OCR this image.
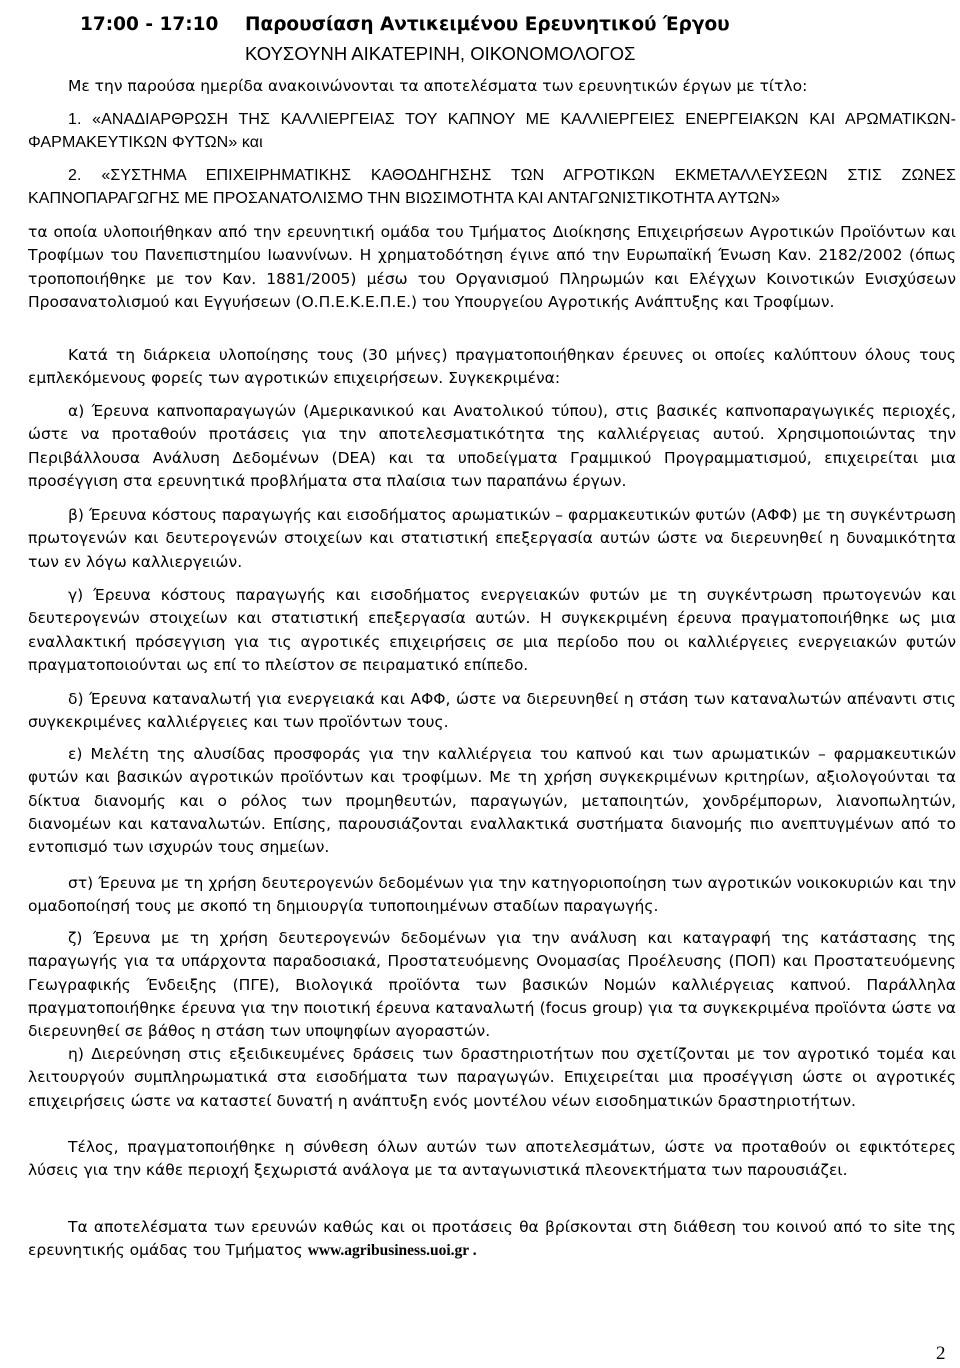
17:00 - 17:10 Παρουσίαση Αντικειμένου Ερευνητικού Έργου
ΚΟΥΣΟΥΝΗ ΑΙΚΑΤΕΡΙΝΗ, ΟΙΚΟΝΟΜΟΛΟΓΟΣ
Με την παρούσα ημερίδα ανακοινώνονται τα αποτελέσματα των ερευνητικών έργων με τίτλο:
1. «ΑΝΑΔΙΑΡΘΡΩΣΗ ΤΗΣ ΚΑΛΛΙΕΡΓΕΙΑΣ ΤΟΥ ΚΑΠΝΟΥ ΜΕ ΚΑΛΛΙΕΡΓΕΙΕΣ ΕΝΕΡΓΕΙΑΚΩΝ ΚΑΙ ΑΡΩΜΑΤΙΚΩΝ-ΦΑΡΜΑΚΕΥΤΙΚΩΝ ΦΥΤΩΝ» και
2. «ΣΥΣΤΗΜΑ ΕΠΙΧΕΙΡΗΜΑΤΙΚΗΣ ΚΑΘΟΔΗΓΗΣΗΣ ΤΩΝ ΑΓΡΟΤΙΚΩΝ ΕΚΜΕΤΑΛΛΕΥΣΕΩΝ ΣΤΙΣ ΖΩΝΕΣ ΚΑΠΝΟΠΑΡΑΓΩΓΗΣ ΜΕ ΠΡΟΣΑΝΑΤΟΛΙΣΜΟ ΤΗΝ ΒΙΩΣΙΜΟΤΗΤΑ ΚΑΙ ΑΝΤΑΓΩΝΙΣΤΙΚΟΤΗΤΑ ΑΥΤΩΝ»
τα οποία υλοποιήθηκαν από την ερευνητική ομάδα του Τμήματος Διοίκησης Επιχειρήσεων Αγροτικών Προϊόντων και Τροφίμων του Πανεπιστημίου Ιωαννίνων. Η χρηματοδότηση έγινε από την Ευρωπαϊκή Ένωση Καν. 2182/2002 (όπως τροποποιήθηκε με τον Καν. 1881/2005) μέσω του Οργανισμού Πληρωμών και Ελέγχων Κοινοτικών Ενισχύσεων Προσανατολισμού και Εγγυήσεων (Ο.Π.Ε.Κ.Ε.Π.Ε.) του Υπουργείου Αγροτικής Ανάπτυξης και Τροφίμων.
Κατά τη διάρκεια υλοποίησης τους (30 μήνες) πραγματοποιήθηκαν έρευνες οι οποίες καλύπτουν όλους τους εμπλεκόμενους φορείς των αγροτικών επιχειρήσεων. Συγκεκριμένα:
α) Έρευνα καπνοπαραγωγών (Αμερικανικού και Ανατολικού τύπου), στις βασικές καπνοπαραγωγικές περιοχές, ώστε να προταθούν προτάσεις για την αποτελεσματικότητα της καλλιέργειας αυτού. Χρησιμοποιώντας την Περιβάλλουσα Ανάλυση Δεδομένων (DEA) και τα υποδείγματα Γραμμικού Προγραμματισμού, επιχειρείται μια προσέγγιση στα ερευνητικά προβλήματα στα πλαίσια των παραπάνω έργων.
β) Έρευνα κόστους παραγωγής και εισοδήματος αρωματικών – φαρμακευτικών φυτών (ΑΦΦ) με τη συγκέντρωση πρωτογενών και δευτερογενών στοιχείων και στατιστική επεξεργασία αυτών ώστε να διερευνηθεί η δυναμικότητα των εν λόγω καλλιεργειών.
γ) Έρευνα κόστους παραγωγής και εισοδήματος ενεργειακών φυτών με τη συγκέντρωση πρωτογενών και δευτερογενών στοιχείων και στατιστική επεξεργασία αυτών. Η συγκεκριμένη έρευνα πραγματοποιήθηκε ως μια εναλλακτική πρόσεγγιση για τις αγροτικές επιχειρήσεις σε μια περίοδο που οι καλλιέργειες ενεργειακών φυτών πραγματοποιούνται ως επί το πλείστον σε πειραματικό επίπεδο.
δ) Έρευνα καταναλωτή για ενεργειακά και ΑΦΦ, ώστε να διερευνηθεί η στάση των καταναλωτών απέναντι στις συγκεκριμένες καλλιέργειες και των προϊόντων τους.
ε) Μελέτη της αλυσίδας προσφοράς για την καλλιέργεια του καπνού και των αρωματικών – φαρμακευτικών φυτών και βασικών αγροτικών προϊόντων και τροφίμων. Με τη χρήση συγκεκριμένων κριτηρίων, αξιολογούνται τα δίκτυα διανομής και ο ρόλος των προμηθευτών, παραγωγών, μεταποιητών, χονδρέμπορων, λιανοπωλητών, διανομέων και καταναλωτών. Επίσης, παρουσιάζονται εναλλακτικά συστήματα διανομής πιο ανεπτυγμένων από το εντοπισμό των ισχυρών τους σημείων.
στ) Έρευνα με τη χρήση δευτερογενών δεδομένων για την κατηγοριοποίηση των αγροτικών νοικοκυριών και την ομαδοποίησή τους με σκοπό τη δημιουργία τυποποιημένων σταδίων παραγωγής.
ζ) Έρευνα με τη χρήση δευτερογενών δεδομένων για την ανάλυση και καταγραφή της κατάστασης της παραγωγής για τα υπάρχοντα παραδοσιακά, Προστατευόμενης Ονομασίας Προέλευσης (ΠΟΠ) και Προστατευόμενης Γεωγραφικής Ένδειξης (ΠΓΕ), Βιολογικά προϊόντα των βασικών Νομών καλλιέργειας καπνού. Παράλληλα πραγματοποιήθηκε έρευνα για την ποιοτική έρευνα καταναλωτή (focus group) για τα συγκεκριμένα προϊόντα ώστε να διερευνηθεί σε βάθος η στάση των υποψηφίων αγοραστών.
η) Διερεύνηση στις εξειδικευμένες δράσεις των δραστηριοτήτων που σχετίζονται με τον αγροτικό τομέα και λειτουργούν συμπληρωματικά στα εισοδήματα των παραγωγών. Επιχειρείται μια προσέγγιση ώστε οι αγροτικές επιχειρήσεις ώστε να καταστεί δυνατή η ανάπτυξη ενός μοντέλου νέων εισοδηματικών δραστηριοτήτων.
Τέλος, πραγματοποιήθηκε η σύνθεση όλων αυτών των αποτελεσμάτων, ώστε να προταθούν οι εφικτότερες λύσεις για την κάθε περιοχή ξεχωριστά ανάλογα με τα ανταγωνιστικά πλεονεκτήματα των παρουσιάζει.
Τα αποτελέσματα των ερευνών καθώς και οι προτάσεις θα βρίσκονται στη διάθεση του κοινού από το site της ερευνητικής ομάδας του Τμήματος www.agribusiness.uoi.gr .
2
